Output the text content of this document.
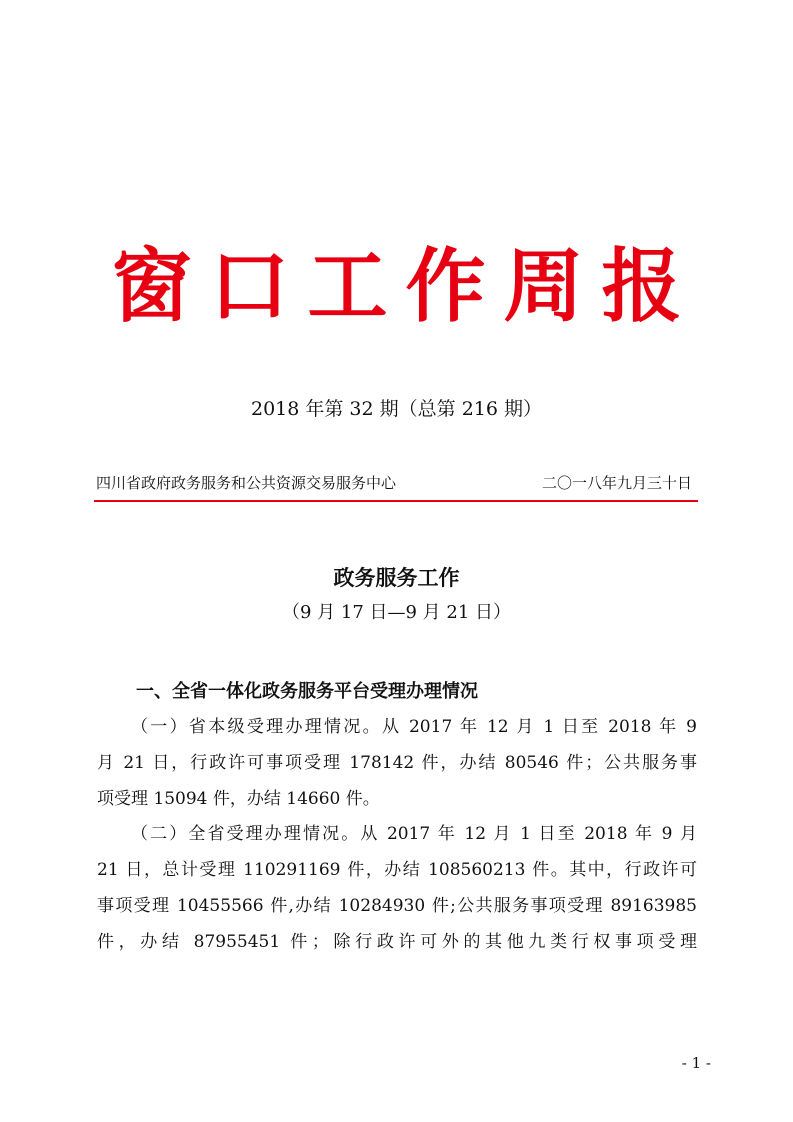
窗口工作周报
2018 年第 32 期（总第 216 期）
四川省政府政务服务和公共资源交易服务中心	二〇一八年九月三十日
政务服务工作
（9 月 17 日—9 月 21 日）
一、全省一体化政务服务平台受理办理情况
（一）省本级受理办理情况。从 2017 年 12 月 1 日至 2018 年 9
月 21 日，行政许可事项受理 178142 件，办结 80546 件；公共服务事
项受理 15094 件，办结 14660 件。
（二）全省受理办理情况。从 2017 年 12 月 1 日至 2018 年 9 月
21 日，总计受理 110291169 件，办结 108560213 件。其中，行政许可
事项受理 10455566 件,办结 10284930 件;公共服务事项受理 89163985
件，办结 87955451 件；除行政许可外的其他九类行权事项受理
- 1 -
